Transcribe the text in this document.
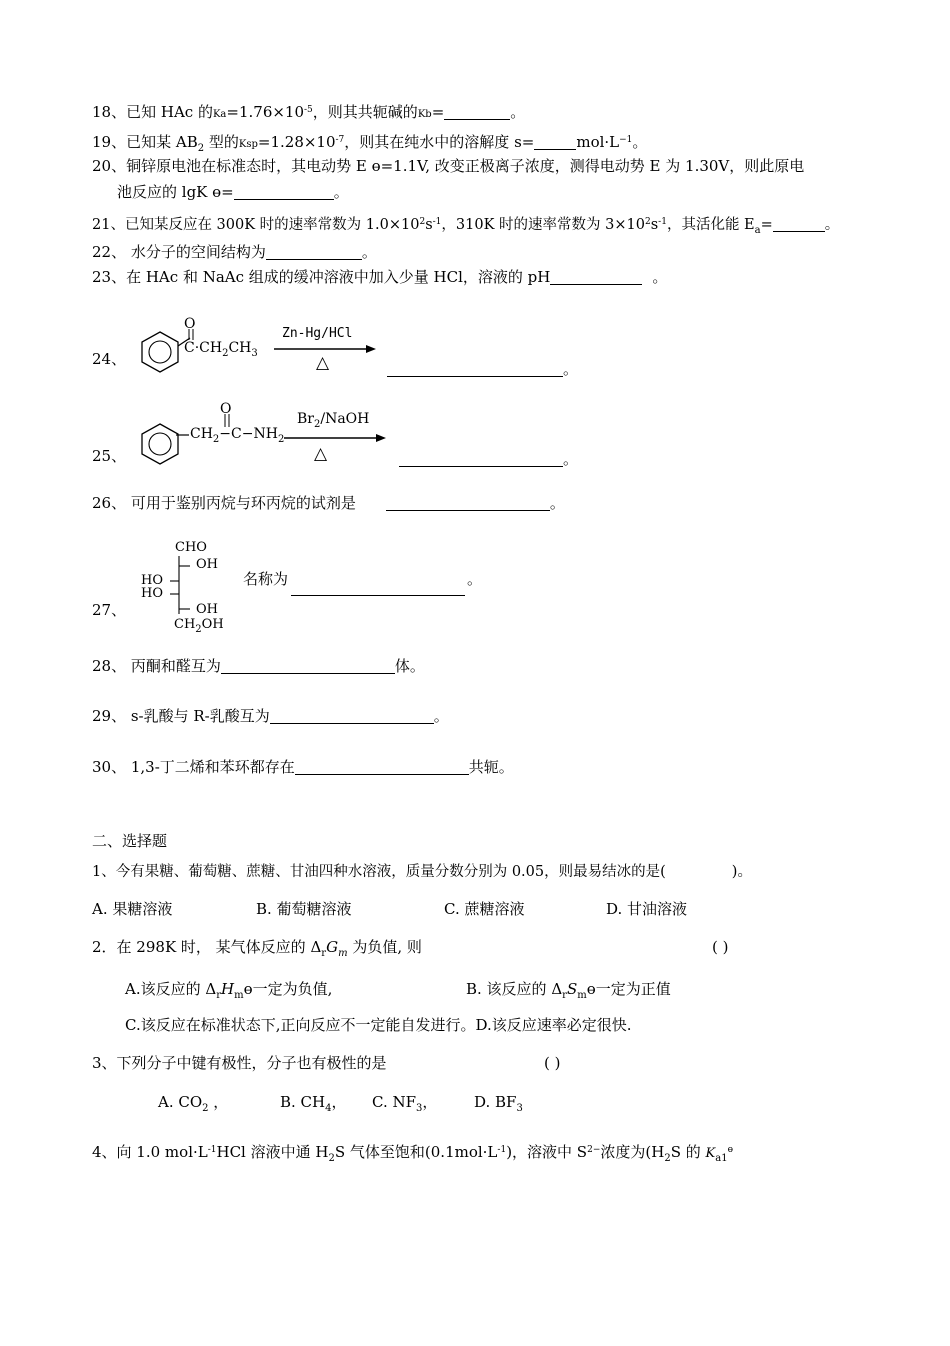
18、已知 HAc 的$Ka=1.76\times 10^{-5}$，则其共轭碱的Kb=	。
19、已知某 $AB_2$ 型的$Ksp=1.28\times 10^{-7}$，则其在纯水中的溶解度 s=	$mol\cdot L^{-1}$。
20、铜锌原电池在标准态时，其电动势 E ө=1.1V, 改变正极离子浓度，测得电动势 E 为 1.30V，则此原电
池反应的 lgK ө=	。
21、已知某反应在 300K 时的速率常数为 $1.0\times 10^2s^{-1}$，310K 时的速率常数为 $3\times 10^2s^{-1}$，其活化能 $E_a=$	。
22、 水分子的空间结构为	。
23、在 HAc 和 NaAc 组成的缓冲溶液中加入少量 HCl，溶液的 pH	。
24、
O
$C\cdot CH_2CH_3$
Zn-Hg/HCl
△	。
25、
O
$CH_2-C-NH_2$
$Br_2$/NaOH
△	。
26、 可用于鉴别丙烷与环丙烷的试剂是	。
27、
CHO
OH
HO
HO
OH
$CH_2OH$
名称为	。
28、 丙酮和醛互为	体。
29、 s-乳酸与 R-乳酸互为	。
30、 1,3-丁二烯和苯环都存在	共轭。
二、选择题
1、今有果糖、葡萄糖、蔗糖、甘油四种水溶液，质量分数分别为 0.05，则最易结冰的是(	)。
A. 果糖溶液	B. 葡萄糖溶液	C. 蔗糖溶液	D. 甘油溶液
2．在 298K 时， 某气体反应的 $\Delta_rG_m$ 为负值, 则	( )
A.该反应的 $\Delta_rH_mө$一定为负值,	B. 该反应的 $\Delta_rS_mө$一定为正值
C.该反应在标准状态下,正向反应不一定能自发进行。D.该反应速率必定很快.
3、下列分子中键有极性，分子也有极性的是	( )
A. $CO_2$ ，	B. $CH_4$， C. $NF_3$， D. $BF_3$
4、向 1.0 $mol\cdot L^{-1}HCl$ 溶液中通 $H_2S$ 气体至饱和$(0.1mol\cdot L^{-1})$，溶液中 $S^{2-}$浓度为($H_2S$ 的 $K_{a1}^ө$
